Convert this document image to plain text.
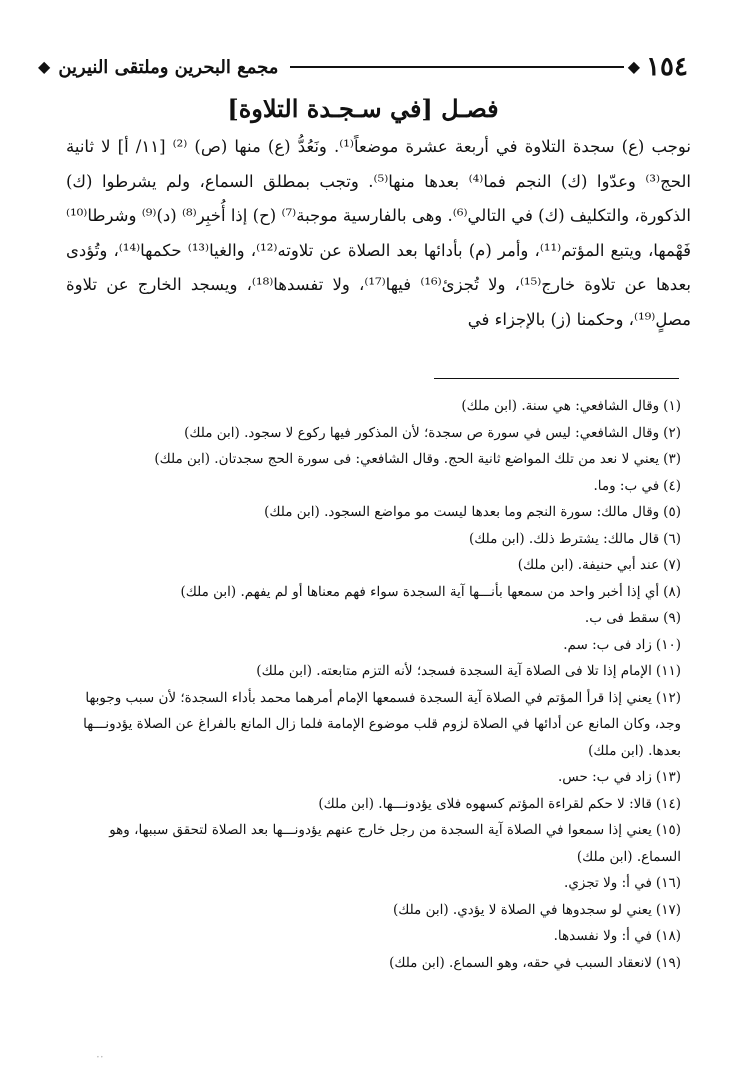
١٥٤
◆
مجمع البحرين وملتقى النيرين
◆
فصـل [في سـجـدة التلاوة]

نوجب (ع) سجدة التلاوة في أربعة عشرة موضعاً⁽¹⁾. ونَعُدُّ (ع) منها (ص) ⁽²⁾ [١١/ أ] لا ثانية الحج⁽³⁾ وعدّوا (ك) النجم فما⁽⁴⁾ بعدها منها⁽⁵⁾. وتجب بمطلق السماع، ولم يشرطوا (ك) الذكورة، والتكليف (ك) في التالي⁽⁶⁾. وهى بالفارسية موجبة⁽⁷⁾ (ح) إذا أُخبِر⁽⁸⁾ (د)⁽⁹⁾ وشرطا⁽¹⁰⁾ فَهْمها، ويتبع المؤتم⁽¹¹⁾، وأمر (م) بأدائها بعد الصلاة عن تلاوته⁽¹²⁾، والغيا⁽¹³⁾ حكمها⁽¹⁴⁾، وتُؤدى بعدها عن تلاوة خارج⁽¹⁵⁾، ولا تُجزئ⁽¹⁶⁾ فيها⁽¹⁷⁾، ولا تفسدها⁽¹⁸⁾، ويسجد الخارج عن تلاوة مصلٍ⁽¹⁹⁾، وحكمنا (ز) بالإجزاء في

(١)وقال الشافعي: هي سنة. (ابن ملك)
(٢)وقال الشافعي: ليس في سورة ص سجدة؛ لأن المذكور فيها ركوع لا سجود. (ابن ملك)
(٣)يعني لا نعد من تلك المواضع ثانية الحج. وقال الشافعي: فى سورة الحج سجدتان. (ابن ملك)
(٤)في ب: وما.
(٥)وقال مالك: سورة النجم وما بعدها ليست مو مواضع السجود. (ابن ملك)
(٦)قال مالك: يشترط ذلك. (ابن ملك)
(٧)عند أبي حنيفة. (ابن ملك)
(٨)أي إذا أخبر واحد من سمعها بأنـــها آية السجدة سواء فهم معناها أو لم يفهم. (ابن ملك)
(٩)سقط فى ب.
(١٠)زاد فى ب: سم.
(١١)الإمام إذا تلا فى الصلاة آية السجدة فسجد؛ لأنه التزم متابعته. (ابن ملك)
(١٢)يعني إذا قرأ المؤتم في الصلاة آية السجدة فسمعها الإمام أمرهما محمد بأداء السجدة؛ لأن سبب وجوبها وجد، وكان المانع عن أدائها في الصلاة لزوم قلب موضوع الإمامة فلما زال المانع بالفراغ عن الصلاة يؤدونـــها بعدها. (ابن ملك)
(١٣)زاد في ب: حس.
(١٤)قالا: لا حكم لقراءة المؤتم كسهوه فلاى يؤدونـــها. (ابن ملك)
(١٥)يعني إذا سمعوا في الصلاة آية السجدة من رجل خارج عنهم يؤدونـــها بعد الصلاة لتحقق سببها، وهو السماع. (ابن ملك)
(١٦)في أ: ولا تجزي.
(١٧)يعني لو سجدوها في الصلاة لا يؤدي. (ابن ملك)
(١٨)في أ: ولا نفسدها.
(١٩)لانعقاد السبب في حقه، وهو السماع. (ابن ملك)
··
